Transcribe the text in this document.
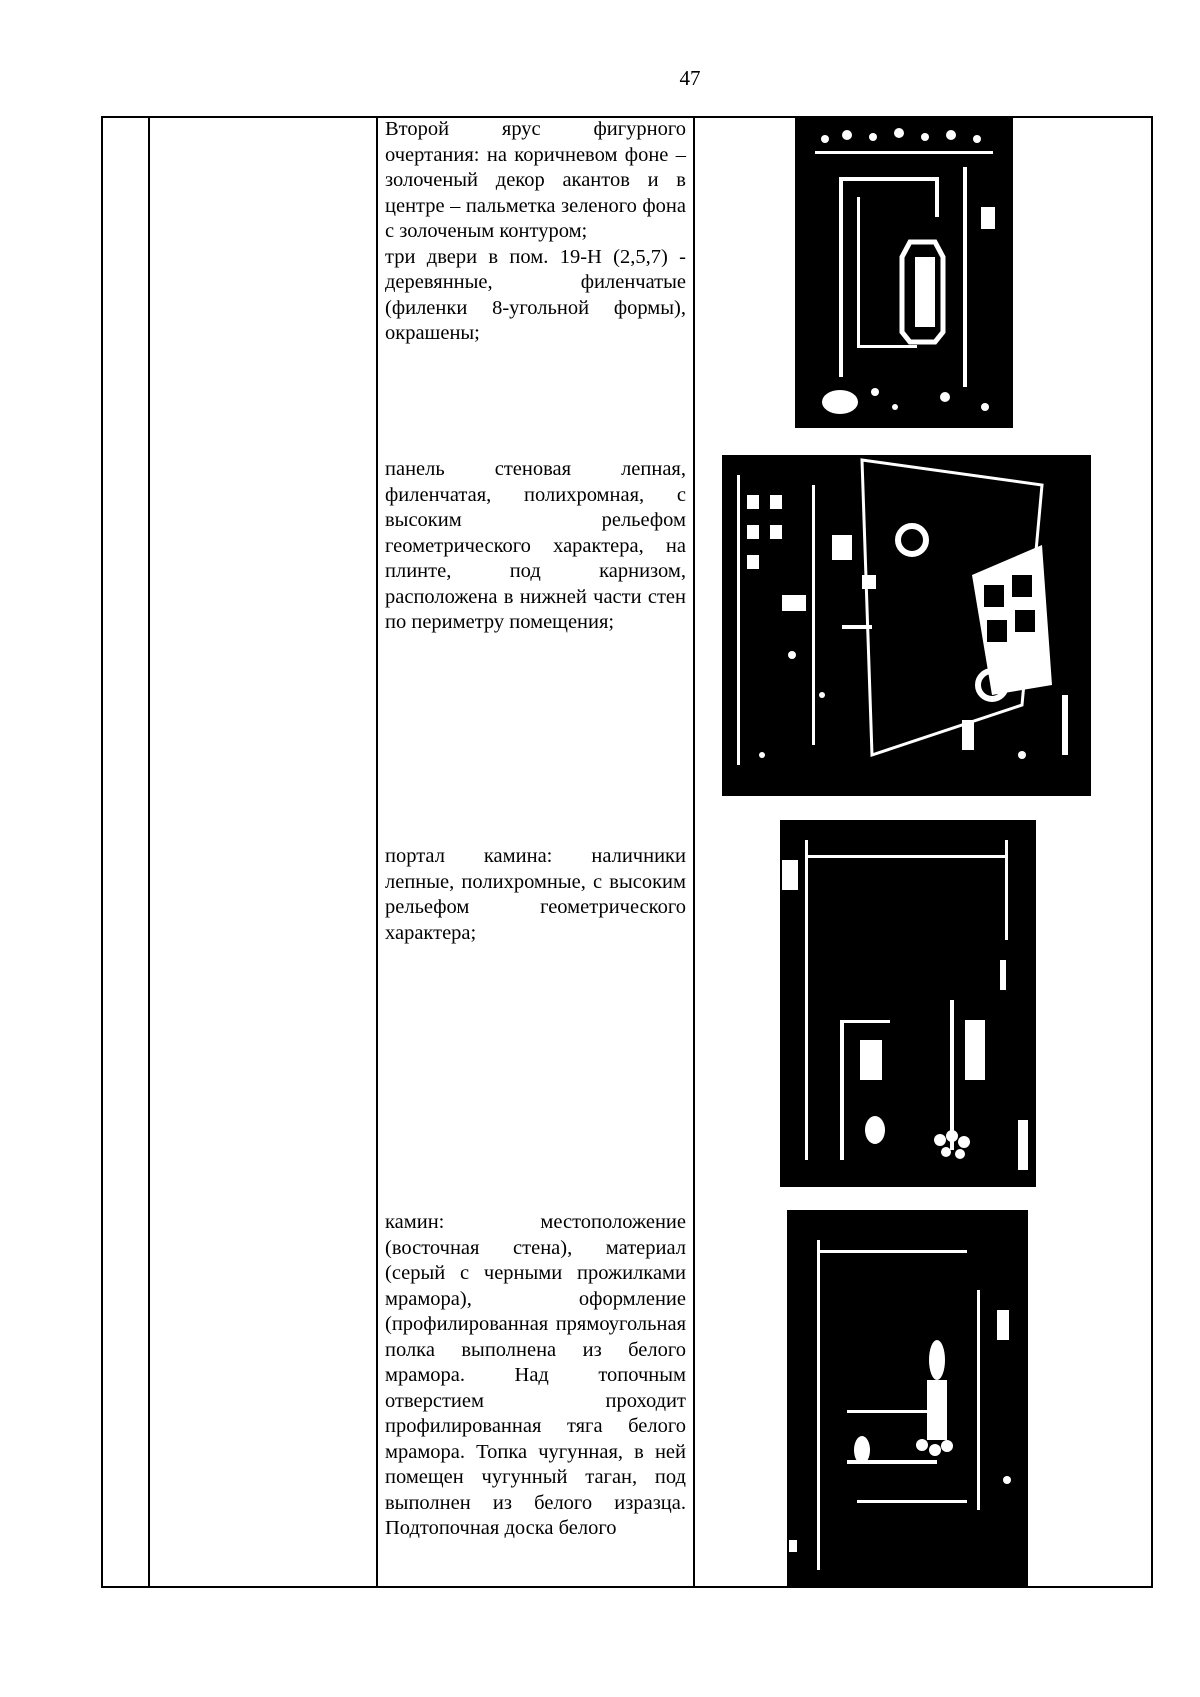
47

Второй ярус фигурного очертания: на коричневом фоне – золоченый декор акантов и в центре – пальметка зеленого фона с золоченым контуром;

три двери в пом. 19-Н (2,5,7) - деревянные, филенчатые (филенки 8-угольной формы), окрашены;

панель стеновая лепная, филенчатая, полихромная, с высоким рельефом геометрического характера, на плинте, под карнизом, расположена в нижней части стен по периметру помещения;

портал камина: наличники лепные, полихромные, с высоким рельефом геометрического характера;

камин: местоположение (восточная стена), материал (серый с черными прожилками мрамора), оформление (профилированная прямоугольная полка выполнена из белого мрамора. Над топочным отверстием проходит профилированная тяга белого мрамора. Топка чугунная, в ней помещен чугунный таган, под выполнен из белого изразца. Подтопочная доска белого
